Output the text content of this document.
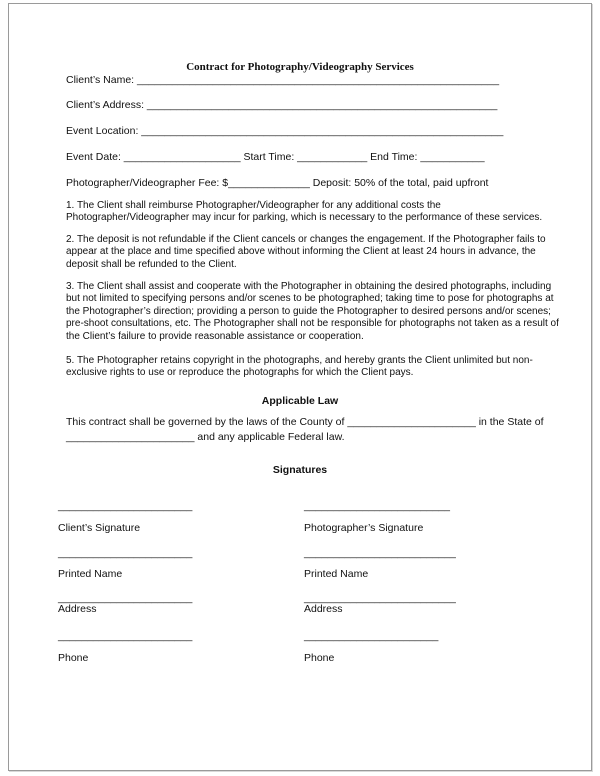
Contract for Photography/Videography Services
Client’s Name: ______________________________________________________________
Client’s Address: ____________________________________________________________
Event Location: ______________________________________________________________
Event Date: ____________________ Start Time: ____________ End Time: ___________
Photographer/Videographer Fee: $______________ Deposit: 50% of the total, paid upfront
1. The Client shall reimburse Photographer/Videographer for any additional costs the
Photographer/Videographer may incur for parking, which is necessary to the performance of these services.
2. The deposit is not refundable if the Client cancels or changes the engagement. If the Photographer fails to
appear at the place and time specified above without informing the Client at least 24 hours in advance, the
deposit shall be refunded to the Client.
3. The Client shall assist and cooperate with the Photographer in obtaining the desired photographs, including
but not limited to specifying persons and/or scenes to be photographed; taking time to pose for photographs at
the Photographer’s direction; providing a person to guide the Photographer to desired persons and/or scenes;
pre-shoot consultations, etc. The Photographer shall not be responsible for photographs not taken as a result of
the Client’s failure to provide reasonable assistance or cooperation.
5. The Photographer retains copyright in the photographs, and hereby grants the Client unlimited but non-
exclusive rights to use or reproduce the photographs for which the Client pays.
Applicable Law
This contract shall be governed by the laws of the County of ______________________ in the State of
______________________ and any applicable Federal law.
Signatures
_______________________
Client’s Signature
_______________________
Printed Name
_______________________
Address
_______________________
Phone
_________________________
Photographer’s Signature
__________________________
Printed Name
__________________________
Address
_______________________
Phone
